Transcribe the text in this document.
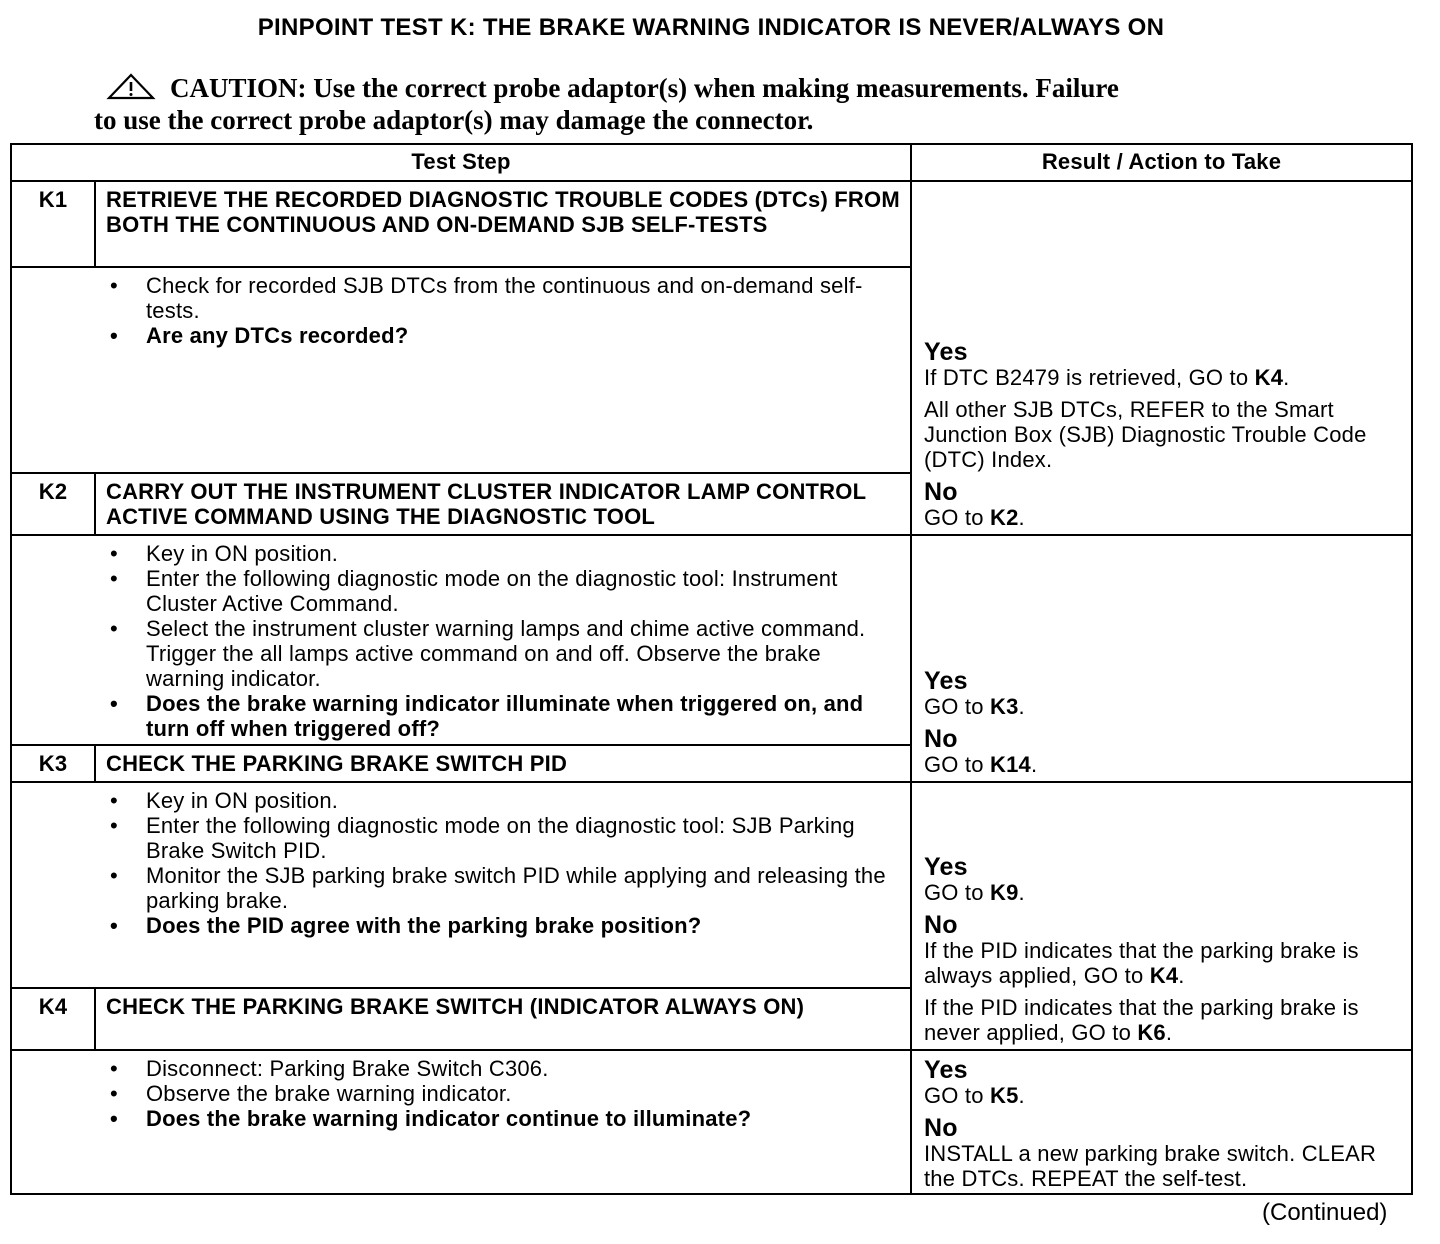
PINPOINT TEST K: THE BRAKE WARNING INDICATOR IS NEVER/ALWAYS ON
CAUTION: Use the correct probe adaptor(s) when making measurements. Failure
to use the correct probe adaptor(s) may damage the connector.
Test Step	Result / Action to Take
K1	RETRIEVE THE RECORDED DIAGNOSTIC TROUBLE CODES (DTCs) FROM BOTH THE CONTINUOUS AND ON-DEMAND SJB SELF-TESTS
• Check for recorded SJB DTCs from the continuous and on-demand self-tests.
• Are any DTCs recorded?
Yes
If DTC B2479 is retrieved, GO to K4.
All other SJB DTCs, REFER to the Smart Junction Box (SJB) Diagnostic Trouble Code (DTC) Index.
No
GO to K2.
K2	CARRY OUT THE INSTRUMENT CLUSTER INDICATOR LAMP CONTROL ACTIVE COMMAND USING THE DIAGNOSTIC TOOL
• Key in ON position.
• Enter the following diagnostic mode on the diagnostic tool: Instrument Cluster Active Command.
• Select the instrument cluster warning lamps and chime active command. Trigger the all lamps active command on and off. Observe the brake warning indicator.
• Does the brake warning indicator illuminate when triggered on, and turn off when triggered off?
Yes
GO to K3.
No
GO to K14.
K3	CHECK THE PARKING BRAKE SWITCH PID
• Key in ON position.
• Enter the following diagnostic mode on the diagnostic tool: SJB Parking Brake Switch PID.
• Monitor the SJB parking brake switch PID while applying and releasing the parking brake.
• Does the PID agree with the parking brake position?
Yes
GO to K9.
No
If the PID indicates that the parking brake is always applied, GO to K4.
If the PID indicates that the parking brake is never applied, GO to K6.
K4	CHECK THE PARKING BRAKE SWITCH (INDICATOR ALWAYS ON)
• Disconnect: Parking Brake Switch C306.
• Observe the brake warning indicator.
• Does the brake warning indicator continue to illuminate?
Yes
GO to K5.
No
INSTALL a new parking brake switch. CLEAR the DTCs. REPEAT the self-test.
(Continued)
